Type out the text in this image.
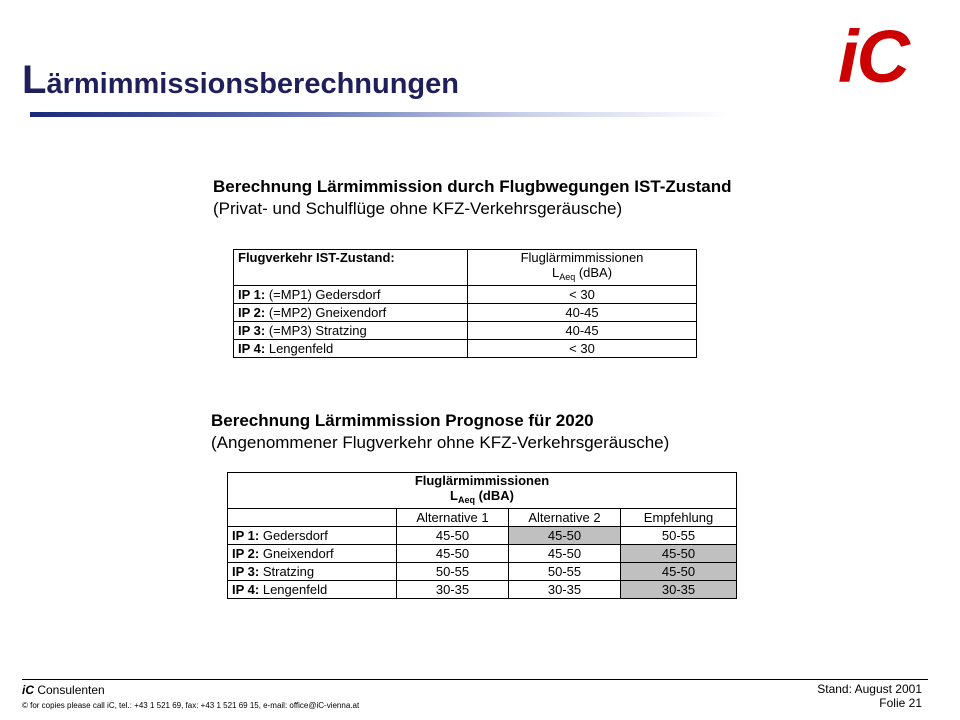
Lärmimmissionsberechnungen	iC
Berechnung Lärmimmission durch Flugbwegungen IST-Zustand
(Privat- und Schulflüge ohne KFZ-Verkehrsgeräusche)
Flugverkehr IST-Zustand:	Fluglärmimmissionen
$L_{Aeq}$ (dBA)

IP 1: (=MP1) Gedersdorf	< 30
IP 2: (=MP2) Gneixendorf	40-45
IP 3: (=MP3) Stratzing	40-45
IP 4: Lengenfeld	< 30
Berechnung Lärmimmission Prognose für 2020
(Angenommener Flugverkehr ohne KFZ-Verkehrsgeräusche)
Fluglärmimmissionen
$L_{Aeq}$ (dBA)			

	Alternative 1	Alternative 2	Empfehlung
IP 1: Gedersdorf	45-50	45-50	50-55
IP 2: Gneixendorf	45-50	45-50	45-50
IP 3: Stratzing	50-55	50-55	45-50
IP 4: Lengenfeld	30-35	30-35	30-35
iC Consulenten
© for copies please call iC, tel.: +43 1 521 69, fax: +43 1 521 69 15, e-mail: office@iC-vienna.at
Stand: August 2001
Folie 21
